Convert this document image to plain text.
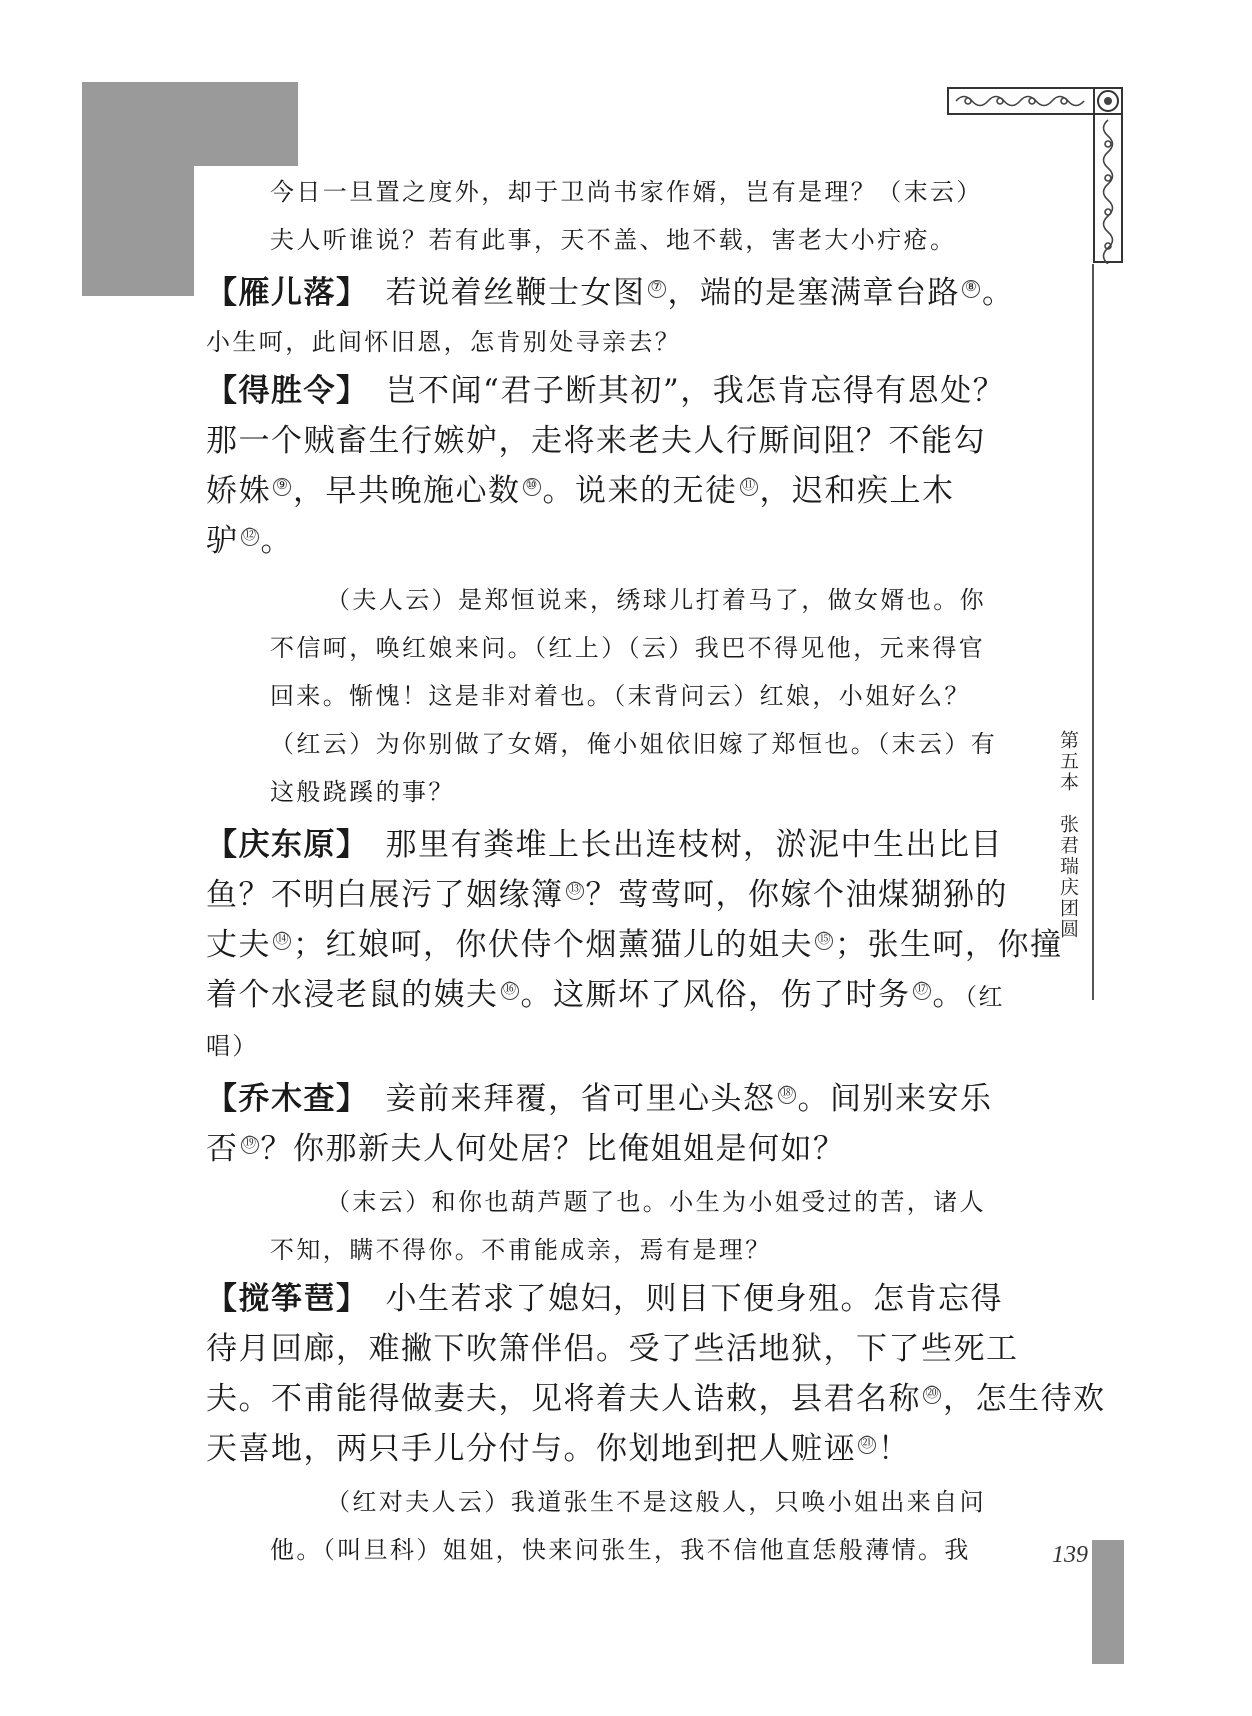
第五本　张君瑞庆团圆
139

今日一旦置之度外，却于卫尚书家作婿，岂有是理？（末云）

夫人听谁说？若有此事，天不盖、地不载，害老大小疔疮。

【雁儿落】　 若说着丝鞭士女图 ⑦ ，端的是塞满章台路 ⑧ 。

小生呵，此间怀旧恩，怎肯别处寻亲去？

【得胜令】　 岂不闻“君子断其初”，我怎肯忘得有恩处？

那一个贼畜生行嫉妒，走将来老夫人行厮间阻？不能勾

娇姝 ⑨ ，早共晚施心数 ⑩ 。说来的无徒 ⑪ ，迟和疾上木

驴 ⑫ 。

（夫人云）是郑恒说来，绣球儿打着马了，做女婿也。你

不信呵，唤红娘来问。（红上）（云）我巴不得见他，元来得官

回来。惭愧！这是非对着也。（末背问云）红娘，小姐好么？

（红云）为你别做了女婿，俺小姐依旧嫁了郑恒也。（末云）有

这般跷蹊的事？

【庆东原】　 那里有粪堆上长出连枝树，淤泥中生出比目

鱼？不明白展污了姻缘簿 ⑬ ？莺莺呵，你嫁个油煤猢狲的

丈夫 ⑭ ；红娘呵，你伏侍个烟薰猫儿的姐夫 ⑮ ；张生呵，你撞

着个水浸老鼠的姨夫 ⑯ 。这厮坏了风俗，伤了时务 ⑰ 。（红

唱）

【乔木查】　 妾前来拜覆，省可里心头怒 ⑱ 。间别来安乐

否 ⑲ ？你那新夫人何处居？比俺姐姐是何如？

（末云）和你也葫芦题了也。小生为小姐受过的苦，诸人

不知，瞒不得你。不甫能成亲，焉有是理？

【搅筝琶】　 小生若求了媳妇，则目下便身殂。怎肯忘得

待月回廊，难撇下吹箫伴侣。受了些活地狱，下了些死工

夫。不甫能得做妻夫，见将着夫人诰敕，县君名称 ⑳ ，怎生待欢

天喜地，两只手儿分付与。你划地到把人赃诬 ㉑ ！

（红对夫人云）我道张生不是这般人，只唤小姐出来自问

他。（叫旦科）姐姐，快来问张生，我不信他直恁般薄情。我
